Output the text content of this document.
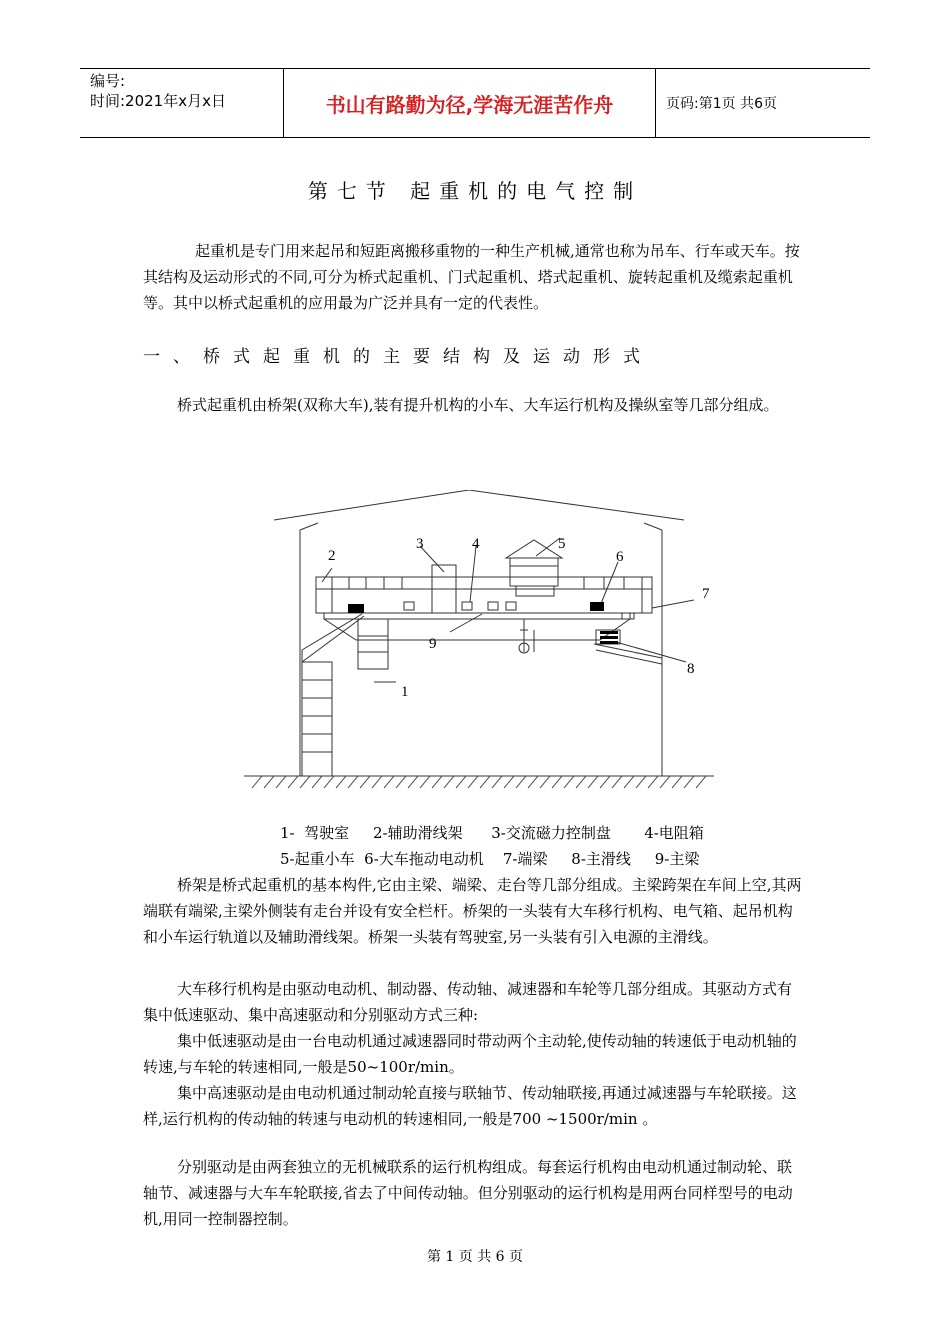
编号:
时间:2021年x月x日	书山有路勤为径,学海无涯苦作舟	页码:第1页 共6页
第七节 起重机的电气控制

起重机是专门用来起吊和短距离搬移重物的一种生产机械,通常也称为吊车、行车或天车。按其结构及运动形式的不同,可分为桥式起重机、门式起重机、塔式起重机、旋转起重机及缆索起重机等。其中以桥式起重机的应用最为广泛并具有一定的代表性。

一、桥式起重机的主要结构及运动形式

桥式起重机由桥架(双称大车),装有提升机构的小车、大车运行机构及操纵室等几部分组成。

1
2
3	4	5
6
7
8
9
1-  驾驶室     2-辅助滑线架      3-交流磁力控制盘       4-电阻箱
5-起重小车  6-大车拖动电动机    7-端梁     8-主滑线     9-主梁

桥架是桥式起重机的基本构件,它由主梁、端梁、走台等几部分组成。主梁跨架在车间上空,其两端联有端梁,主梁外侧装有走台并设有安全栏杆。桥架的一头装有大车移行机构、电气箱、起吊机构和小车运行轨道以及辅助滑线架。桥架一头装有驾驶室,另一头装有引入电源的主滑线。

大车移行机构是由驱动电动机、制动器、传动轴、减速器和车轮等几部分组成。其驱动方式有集中低速驱动、集中高速驱动和分别驱动方式三种:

集中低速驱动是由一台电动机通过减速器同时带动两个主动轮,使传动轴的转速低于电动机轴的转速,与车轮的转速相同,一般是50~100r/min。

集中高速驱动是由电动机通过制动轮直接与联轴节、传动轴联接,再通过减速器与车轮联接。这样,运行机构的传动轴的转速与电动机的转速相同,一般是700 ~1500r/min 。

分别驱动是由两套独立的无机械联系的运行机构组成。每套运行机构由电动机通过制动轮、联轴节、减速器与大车车轮联接,省去了中间传动轴。但分别驱动的运行机构是用两台同样型号的电动机,用同一控制器控制。

第 1 页 共 6 页
